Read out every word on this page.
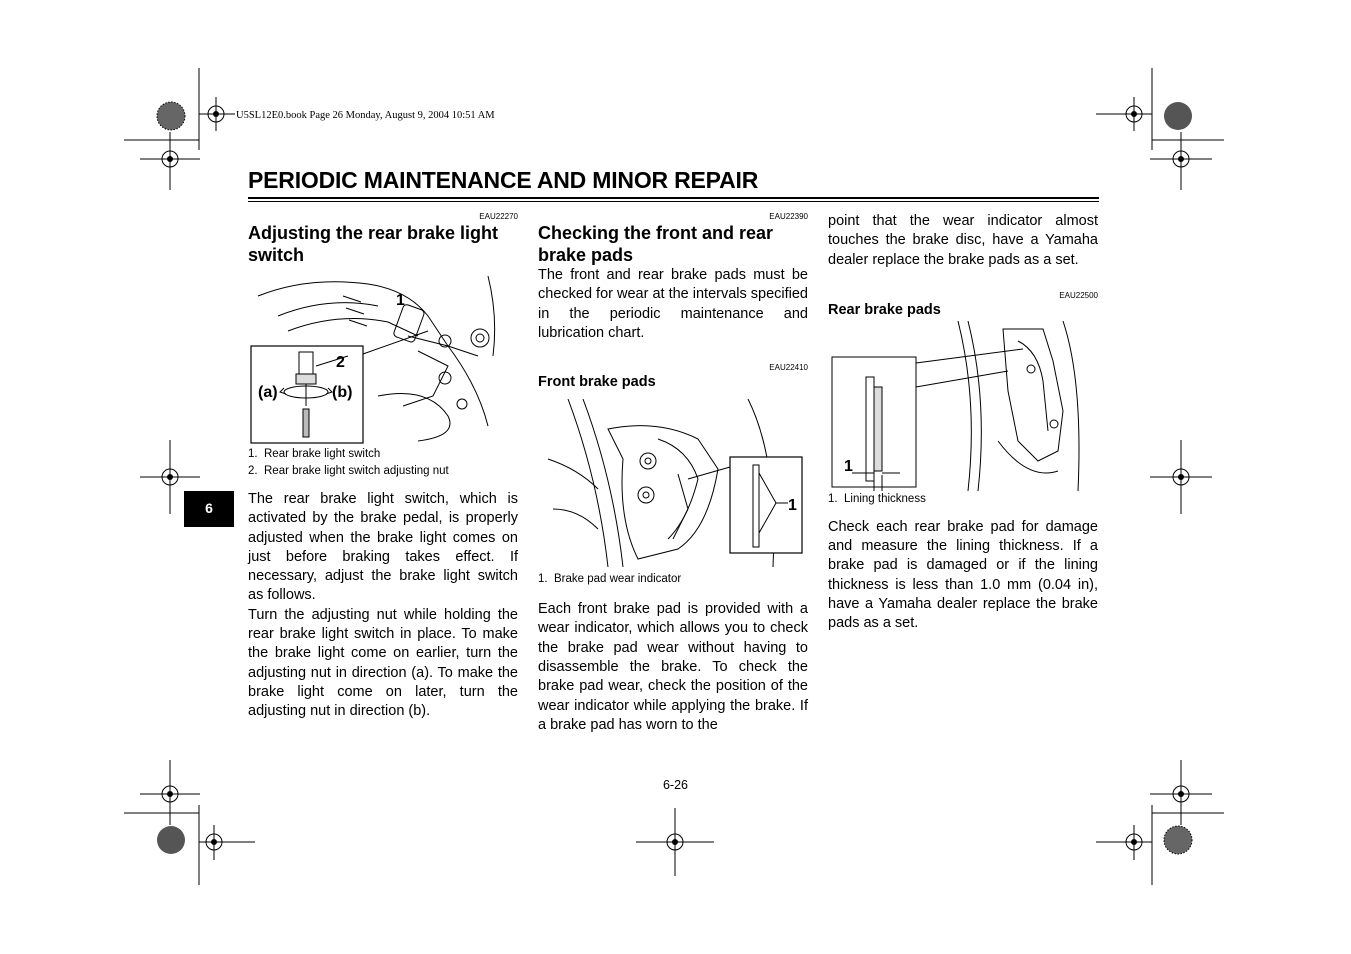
U5SL12E0.book Page 26 Monday, August 9, 2004 10:51 AM
PERIODIC MAINTENANCE AND MINOR REPAIR
6
EAU22270
Adjusting the rear brake light switch
1
2
(a)	(b)
1. Rear brake light switch
2. Rear brake light switch adjusting nut

The rear brake light switch, which is activated by the brake pedal, is properly adjusted when the brake light comes on just before braking takes effect. If necessary, adjust the brake light switch as follows.

Turn the adjusting nut while holding the rear brake light switch in place. To make the brake light come on earlier, turn the adjusting nut in direction (a). To make the brake light come on later, turn the adjusting nut in direction (b).

EAU22390
Checking the front and rear brake pads

The front and rear brake pads must be checked for wear at the intervals specified in the periodic maintenance and lubrication chart.

EAU22410
Front brake pads
1
1. Brake pad wear indicator

Each front brake pad is provided with a wear indicator, which allows you to check the brake pad wear without having to disassemble the brake. To check the brake pad wear, check the position of the wear indicator while applying the brake. If a brake pad has worn to the

point that the wear indicator almost touches the brake disc, have a Yamaha dealer replace the brake pads as a set.

EAU22500
Rear brake pads
1
1. Lining thickness

Check each rear brake pad for damage and measure the lining thickness. If a brake pad is damaged or if the lining thickness is less than 1.0 mm (0.04 in), have a Yamaha dealer replace the brake pads as a set.

6-26
